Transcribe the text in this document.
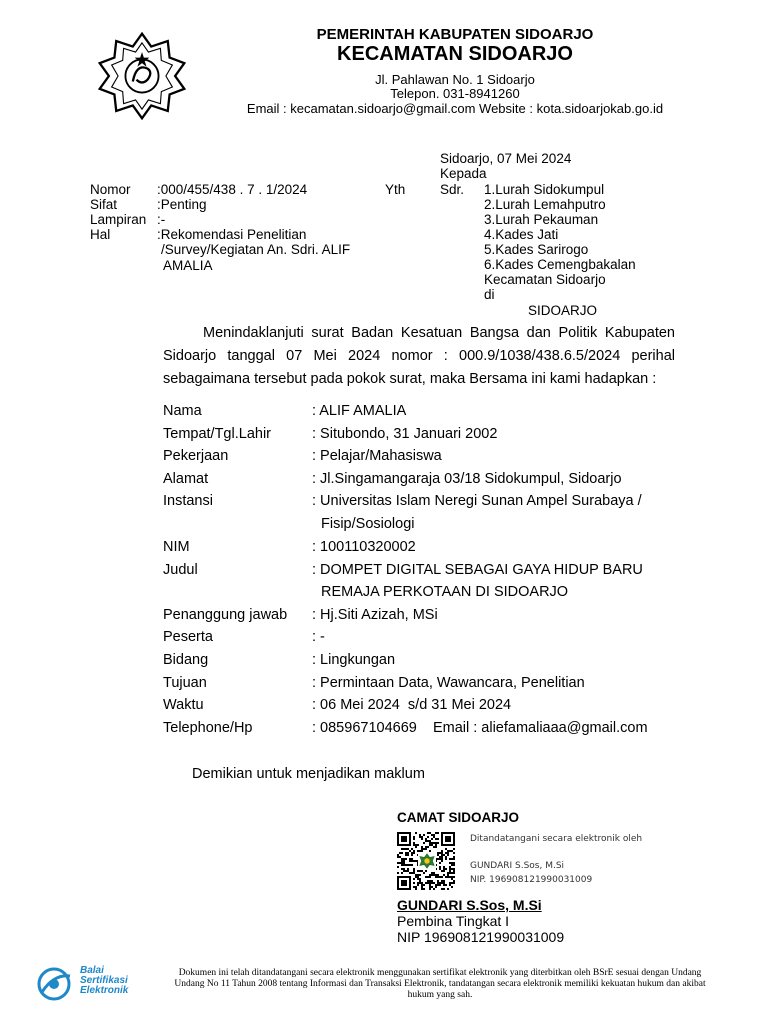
PEMERINTAH KABUPATEN SIDOARJO
KECAMATAN SIDOARJO
Jl. Pahlawan No. 1 Sidoarjo
Telepon. 031-8941260
Email : kecamatan.sidoarjo@gmail.com Website : kota.sidoarjokab.go.id
Sidoarjo, 07 Mei 2024
Kepada
Yth	Sdr. 1.Lurah Sidokumpul
2.Lurah Lemahputro
3.Lurah Pekauman
4.Kades Jati
5.Kades Sarirogo
6.Kades Cemengbakalan
Kecamatan Sidoarjo
di
SIDOARJO
Nomor :000/455/438 . 7 . 1/2024
Sifat	:Penting
Lampiran :-
Hal	:Rekomendasi Penelitian
/Survey/Kegiatan An. Sdri. ALIF
AMALIA

Menindaklanjuti surat Badan Kesatuan Bangsa dan Politik Kabupaten

Sidoarjo tanggal 07 Mei 2024 nomor : 000.9/1038/438.6.5/2024 perihal

sebagaimana tersebut pada pokok surat, maka Bersama ini kami hadapkan :

Nama	: ALIF AMALIA
Tempat/Tgl.Lahir	: Situbondo, 31 Januari 2002
Pekerjaan	: Pelajar/Mahasiswa
Alamat	: Jl.Singamangaraja 03/18 Sidokumpul, Sidoarjo
Instansi	: Universitas Islam Neregi Sunan Ampel Surabaya /
Fisip/Sosiologi
NIM	: 100110320002
Judul	: DOMPET DIGITAL SEBAGAI GAYA HIDUP BARU
REMAJA PERKOTAAN DI SIDOARJO
Penanggung jawab : Hj.Siti Azizah, MSi
Peserta	: -
Bidang	: Lingkungan
Tujuan	: Permintaan Data, Wawancara, Penelitian
Waktu	: 06 Mei 2024  s/d 31 Mei 2024
Telephone/Hp	: 085967104669    Email : aliefamaliaaa@gmail.com
Demikian untuk menjadikan maklum
CAMAT SIDOARJO
Ditandatangani secara elektronik oleh
GUNDARI S.Sos, M.Si
NIP. 196908121990031009
GUNDARI S.Sos, M.Si
Pembina Tingkat I
NIP 196908121990031009
Balai
Sertifikasi
Elektronik
Dokumen ini telah ditandatangani secara elektronik menggunakan sertifikat elektronik yang diterbitkan oleh BSrE sesuai dengan Undang
Undang No 11 Tahun 2008 tentang Informasi dan Transaksi Elektronik, tandatangan secara elektronik memiliki kekuatan hukum dan akibat
hukum yang sah.
